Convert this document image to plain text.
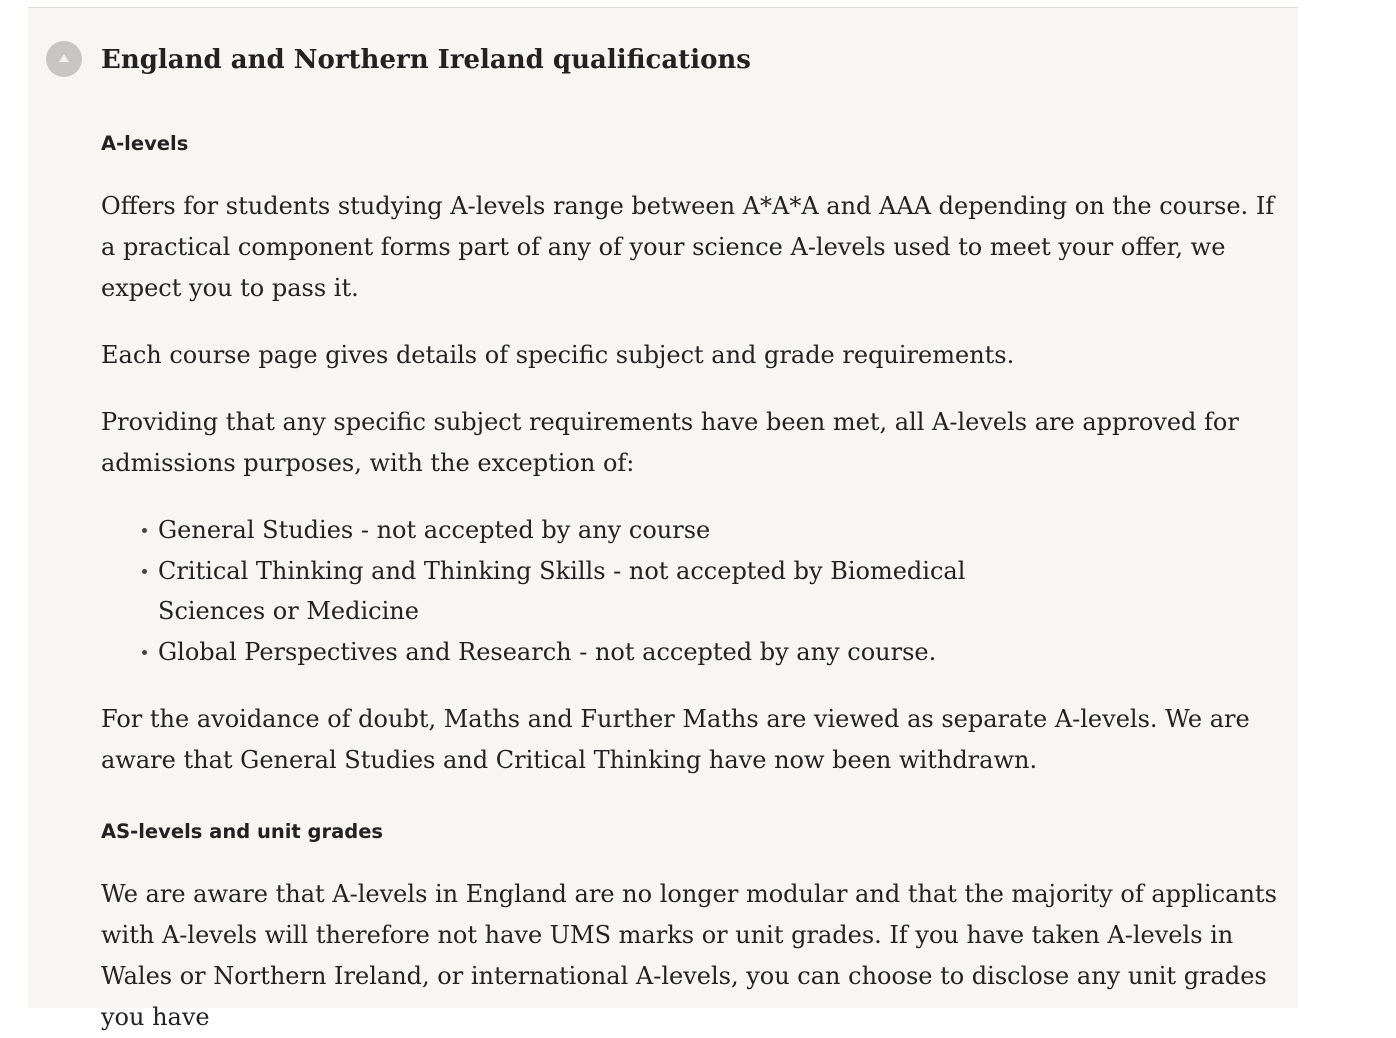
England and Northern Ireland qualifications
A-levels

Offers for students studying A-levels range between A*A*A and AAA depending on the course. If a practical component forms part of any of your science A-levels used to meet your offer, we expect you to pass it.

Each course page gives details of specific subject and grade requirements.

Providing that any specific subject requirements have been met, all A-levels are approved for admissions purposes, with the exception of:

General Studies - not accepted by any course
Critical Thinking and Thinking Skills - not accepted by Biomedical Sciences or Medicine
Global Perspectives and Research - not accepted by any course.

For the avoidance of doubt, Maths and Further Maths are viewed as separate A-levels. We are aware that General Studies and Critical Thinking have now been withdrawn.

AS-levels and unit grades

We are aware that A-levels in England are no longer modular and that the majority of applicants with A-levels will therefore not have UMS marks or unit grades. If you have taken A-levels in Wales or Northern Ireland, or international A-levels, you can choose to disclose any unit grades you have
